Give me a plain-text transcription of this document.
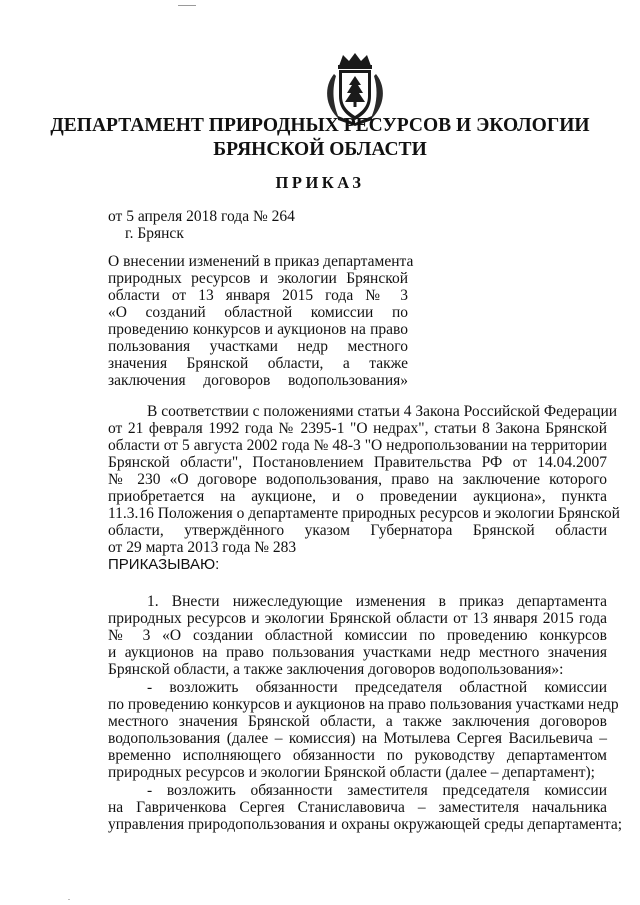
ДЕПАРТАМЕНТ ПРИРОДНЫХ РЕСУРСОВ И ЭКОЛОГИИ
БРЯНСКОЙ ОБЛАСТИ
ПРИКАЗ
от 5 апреля 2018 года № 264
г. Брянск
О внесении изменений в приказ департамента
природных ресурсов и экологии Брянской
области от 13 января 2015 года № 3
«О созданий областной комиссии по
проведению конкурсов и аукционов на право
пользования участками недр местного
значения Брянской области, а также
заключения договоров водопользования»
В соответствии с положениями статьи 4 Закона Российской Федерации
от 21 февраля 1992 года № 2395-1 "О недрах", статьи 8 Закона Брянской
области от 5 августа 2002 года № 48-3 "О недропользовании на территории
Брянской области", Постановлением Правительства РФ от 14.04.2007
№ 230 «О договоре водопользования, право на заключение которого
приобретается на аукционе, и о проведении аукциона», пункта
11.3.16 Положения о департаменте природных ресурсов и экологии Брянской
области, утверждённого указом Губернатора Брянской области
от 29 марта 2013 года № 283
ПРИКАЗЫВАЮ:
1. Внести нижеследующие изменения в приказ департамента
природных ресурсов и экологии Брянской области от 13 января 2015 года
№ 3 «О создании областной комиссии по проведению конкурсов
и аукционов на право пользования участками недр местного значения
Брянской области, а также заключения договоров водопользования»:
- возложить обязанности председателя областной комиссии
по проведению конкурсов и аукционов на право пользования участками недр
местного значения Брянской области, а также заключения договоров
водопользования (далее – комиссия) на Мотылева Сергея Васильевича –
временно исполняющего обязанности по руководству департаментом
природных ресурсов и экологии Брянской области (далее – департамент);
- возложить обязанности заместителя председателя комиссии
на Гавриченкова Сергея Станиславовича – заместителя начальника
управления природопользования и охраны окружающей среды департамента;
